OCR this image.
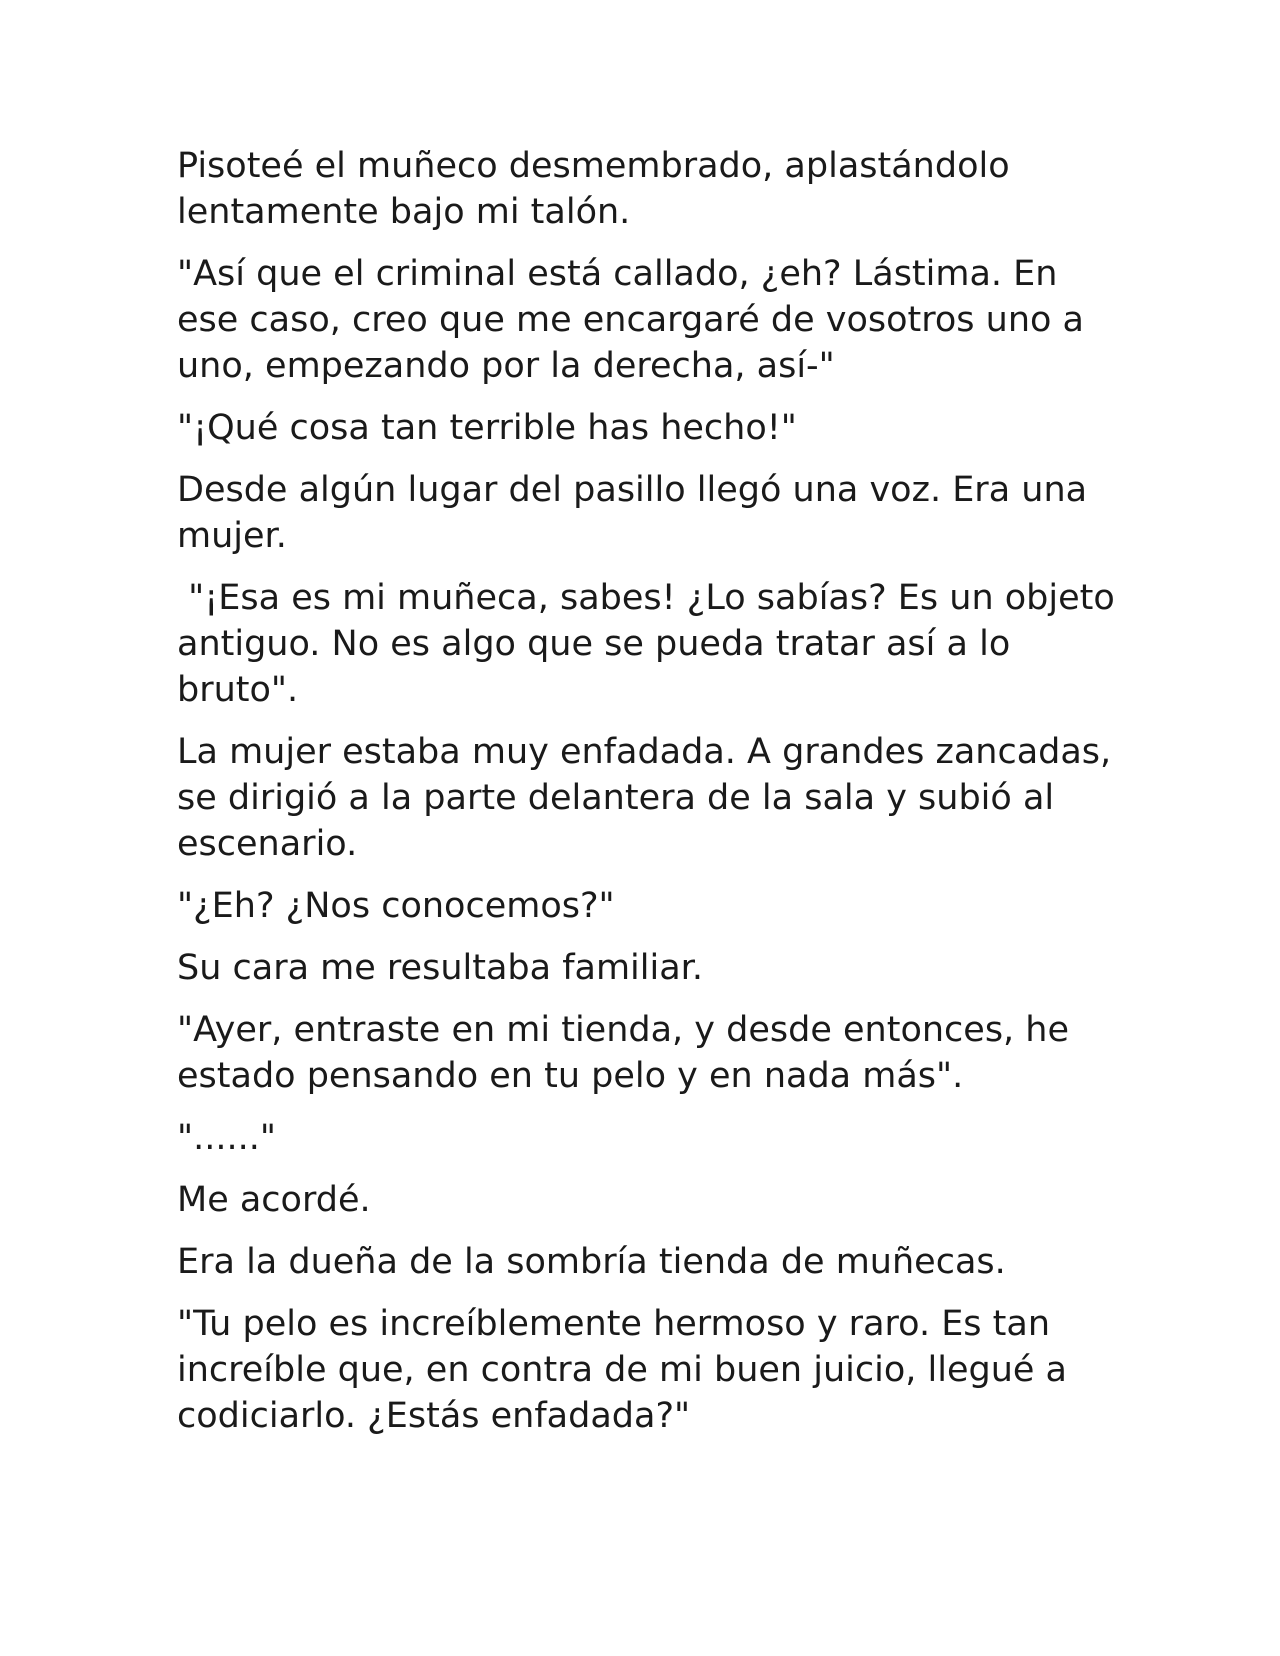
Pisoteé el muñeco desmembrado, aplastándolo lentamente bajo mi talón.

"Así que el criminal está callado, ¿eh? Lástima. En ese caso, creo que me encargaré de vosotros uno a uno, empezando por la derecha, así-"

"¡Qué cosa tan terrible has hecho!"

Desde algún lugar del pasillo llegó una voz. Era una mujer.

"¡Esa es mi muñeca, sabes! ¿Lo sabías? Es un objeto antiguo. No es algo que se pueda tratar así a lo bruto".

La mujer estaba muy enfadada. A grandes zancadas, se dirigió a la parte delantera de la sala y subió al escenario.

"¿Eh? ¿Nos conocemos?"

Su cara me resultaba familiar.

"Ayer, entraste en mi tienda, y desde entonces, he estado pensando en tu pelo y en nada más".

"......"

Me acordé.

Era la dueña de la sombría tienda de muñecas.

"Tu pelo es increíblemente hermoso y raro. Es tan increíble que, en contra de mi buen juicio, llegué a codiciarlo. ¿Estás enfadada?"
